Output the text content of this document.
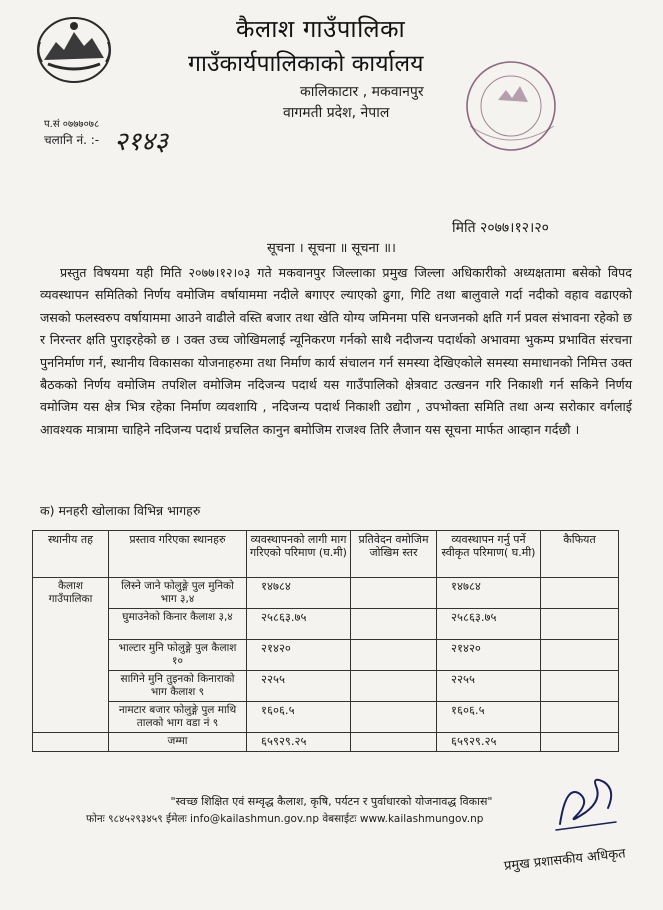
कैलाश गाउँपालिका
गाउँकार्यपालिकाको कार्यालय
कालिकाटार , मकवानपुर
वागमती प्रदेश, नेपाल
प.सं ०७७७०७८
चलानि नं. :- २१४३
मिति २०७७।१२।२०
सूचना । सूचना ॥ सूचना ॥।

प्रस्तुत विषयमा यही मिति २०७७।१२।०३ गते मकवानपुर जिल्लाका प्रमुख जिल्ला अधिकारीको अध्यक्षतामा बसेको विपद व्यवस्थापन समितिको निर्णय वमोजिम वर्षायाममा नदीले बगाएर ल्याएको ढुगा, गिटि तथा बालुवाले गर्दा नदीको वहाव वढाएको जसको फलस्वरुप वर्षायाममा आउने वाढीले वस्ति बजार तथा खेति योग्य जमिनमा पसि धनजनको क्षति गर्न प्रवल संभावना रहेको छ र निरन्तर क्षति पुराइरहेको छ । उक्त उच्च जोखिमलाई न्यूनिकरण गर्नको साथै नदीजन्य पदार्थको अभावमा भुकम्प प्रभावित संरचना पुननिर्माण गर्न, स्थानीय विकासका योजनाहरुमा तथा निर्माण कार्य संचालन गर्न समस्या देखिएकोले समस्या समाधानको निमित्त उक्त बैठकको निर्णय वमोजिम तपशिल वमोजिम नदिजन्य पदार्थ यस गाउँपालिको क्षेत्रवाट उत्खनन गरि निकाशी गर्न सकिने निर्णय वमोजिम यस क्षेत्र भित्र रहेका निर्माण व्यवशायि , नदिजन्य पदार्थ निकाशी उद्योग , उपभोक्ता समिति तथा अन्य सरोकार वर्गलाई आवश्यक मात्रामा चाहिने नदिजन्य पदार्थ प्रचलित कानुन बमोजिम राजश्व तिरि लैजान यस सूचना मार्फत आव्हान गर्दछौ ।

क) मनहरी खोलाका विभिन्न भागहरु
स्थानीय तह	प्रस्ताव गरिएका स्थानहरु	व्यवस्थापनको लागी माग गरिएको परिमाण (घ.मी)	प्रतिवेदन वमोजिम जोखिम स्तर	व्यवस्थापन गर्नु पर्ने स्वीकृत परिमाण( घ.मी)	कैफियत
कैलाश गाउँपालिका	लिस्ने जाने फोलुङ्गे पुल मुनिको भाग ३,४	१४७८४		१४७८४	
	घुमाउनेको किनार कैलाश ३,४	२५८६३.७५		२५८६३.७५	
	भाल्टार मुनि फोलुङ्गे पुल कैलाश १०	२१४२०		२१४२०	
	सागिने मुनि तुइनको किनाराको भाग कैलाश ९	२२५५		२२५५	
	नामटार बजार फोलुङ्गे पुल माथि तालको भाग वडा नं ९	१६०६.५		१६०६.५	
	जम्मा	६५९२९.२५		६५९२९.२५	
"स्वच्छ शिक्षित एवं सम्वृद्ध कैलाश, कृषि, पर्यटन र पुर्वाधारको योजनावद्ध विकास"
फोनः ९८४५२९३४५९ ईमेलः info@kailashmun.gov.np वेबसाईटः www.kailashmungov.np
प्रमुख प्रशासकीय अधिकृत
